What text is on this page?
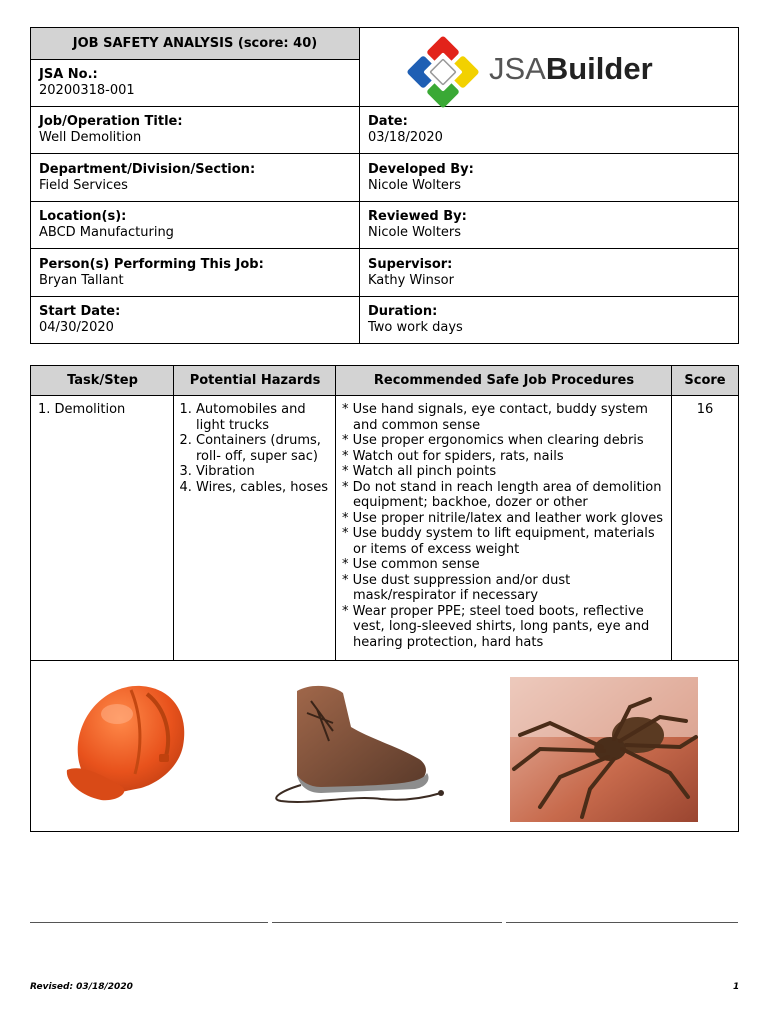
JOB SAFETY ANALYSIS (score: 40)
JSABuilder
JSA No.:
20200318-001
Job/Operation Title:
Well Demolition
Date:
03/18/2020
Department/Division/Section:
Field Services
Developed By:
Nicole Wolters
Location(s):
ABCD Manufacturing
Reviewed By:
Nicole Wolters
Person(s) Performing This Job:
Bryan Tallant
Supervisor:
Kathy Winsor
Start Date:
04/30/2020
Duration:
Two work days
Task/Step	Potential Hazards	Recommended Safe Job Procedures	Score
1. Demolition
1.	Automobiles and light trucks
2. Containers (drums, roll- off, super sac)
3. Vibration
4. Wires, cables, hoses
* Use hand signals, eye contact, buddy system and common sense
* Use proper ergonomics when clearing debris
* Watch out for spiders, rats, nails
* Watch all pinch points
* Do not stand in reach length area of demolition equipment; backhoe, dozer or other
* Use proper nitrile/latex and leather work gloves
* Use buddy system to lift equipment, materials or items of excess weight
* Use common sense
* Use dust suppression and/or dust mask/respirator if necessary
* Wear proper PPE; steel toed boots, reflective vest, long-sleeved shirts, long pants, eye and hearing protection, hard hats
16
Revised: 03/18/2020	1
